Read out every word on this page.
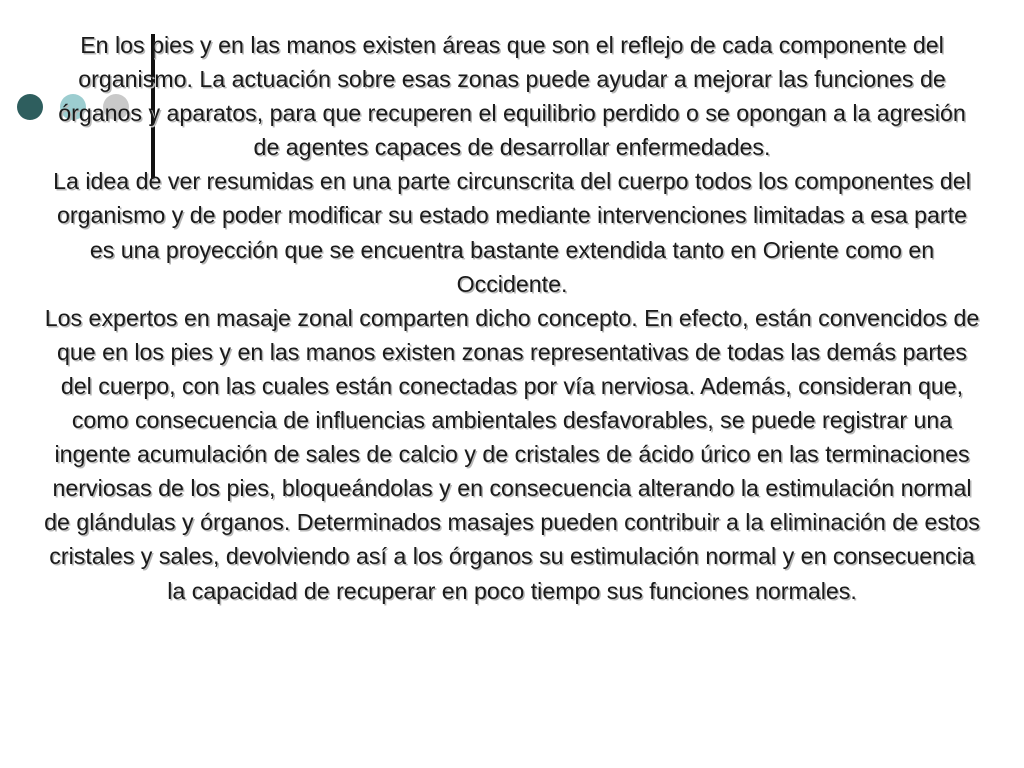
En los pies y en las manos existen áreas que son el reflejo de cada componente del organismo. La actuación sobre esas zonas puede ayudar a mejorar las funciones de órganos y aparatos, para que recuperen el equilibrio perdido o se opongan a la agresión de agentes capaces de desarrollar enfermedades.

La idea de ver resumidas en una parte circunscrita del cuerpo todos los componentes del organismo y de poder modificar su estado mediante intervenciones limitadas a esa parte es una proyección que se encuentra bastante extendida tanto en Oriente como en Occidente.

Los expertos en masaje zonal comparten dicho concepto. En efecto, están convencidos de que en los pies y en las manos existen zonas representativas de todas las demás partes del cuerpo, con las cuales están conectadas por vía nerviosa. Además, consideran que, como consecuencia de influencias ambientales desfavorables, se puede registrar una ingente acumulación de sales de calcio y de cristales de ácido úrico en las terminaciones nerviosas de los pies, bloqueándolas y en consecuencia alterando la estimulación normal de glándulas y órganos. Determinados masajes pueden contribuir a la eliminación de estos cristales y sales, devolviendo así a los órganos su estimulación normal y en consecuencia la capacidad de recuperar en poco tiempo sus funciones normales.
